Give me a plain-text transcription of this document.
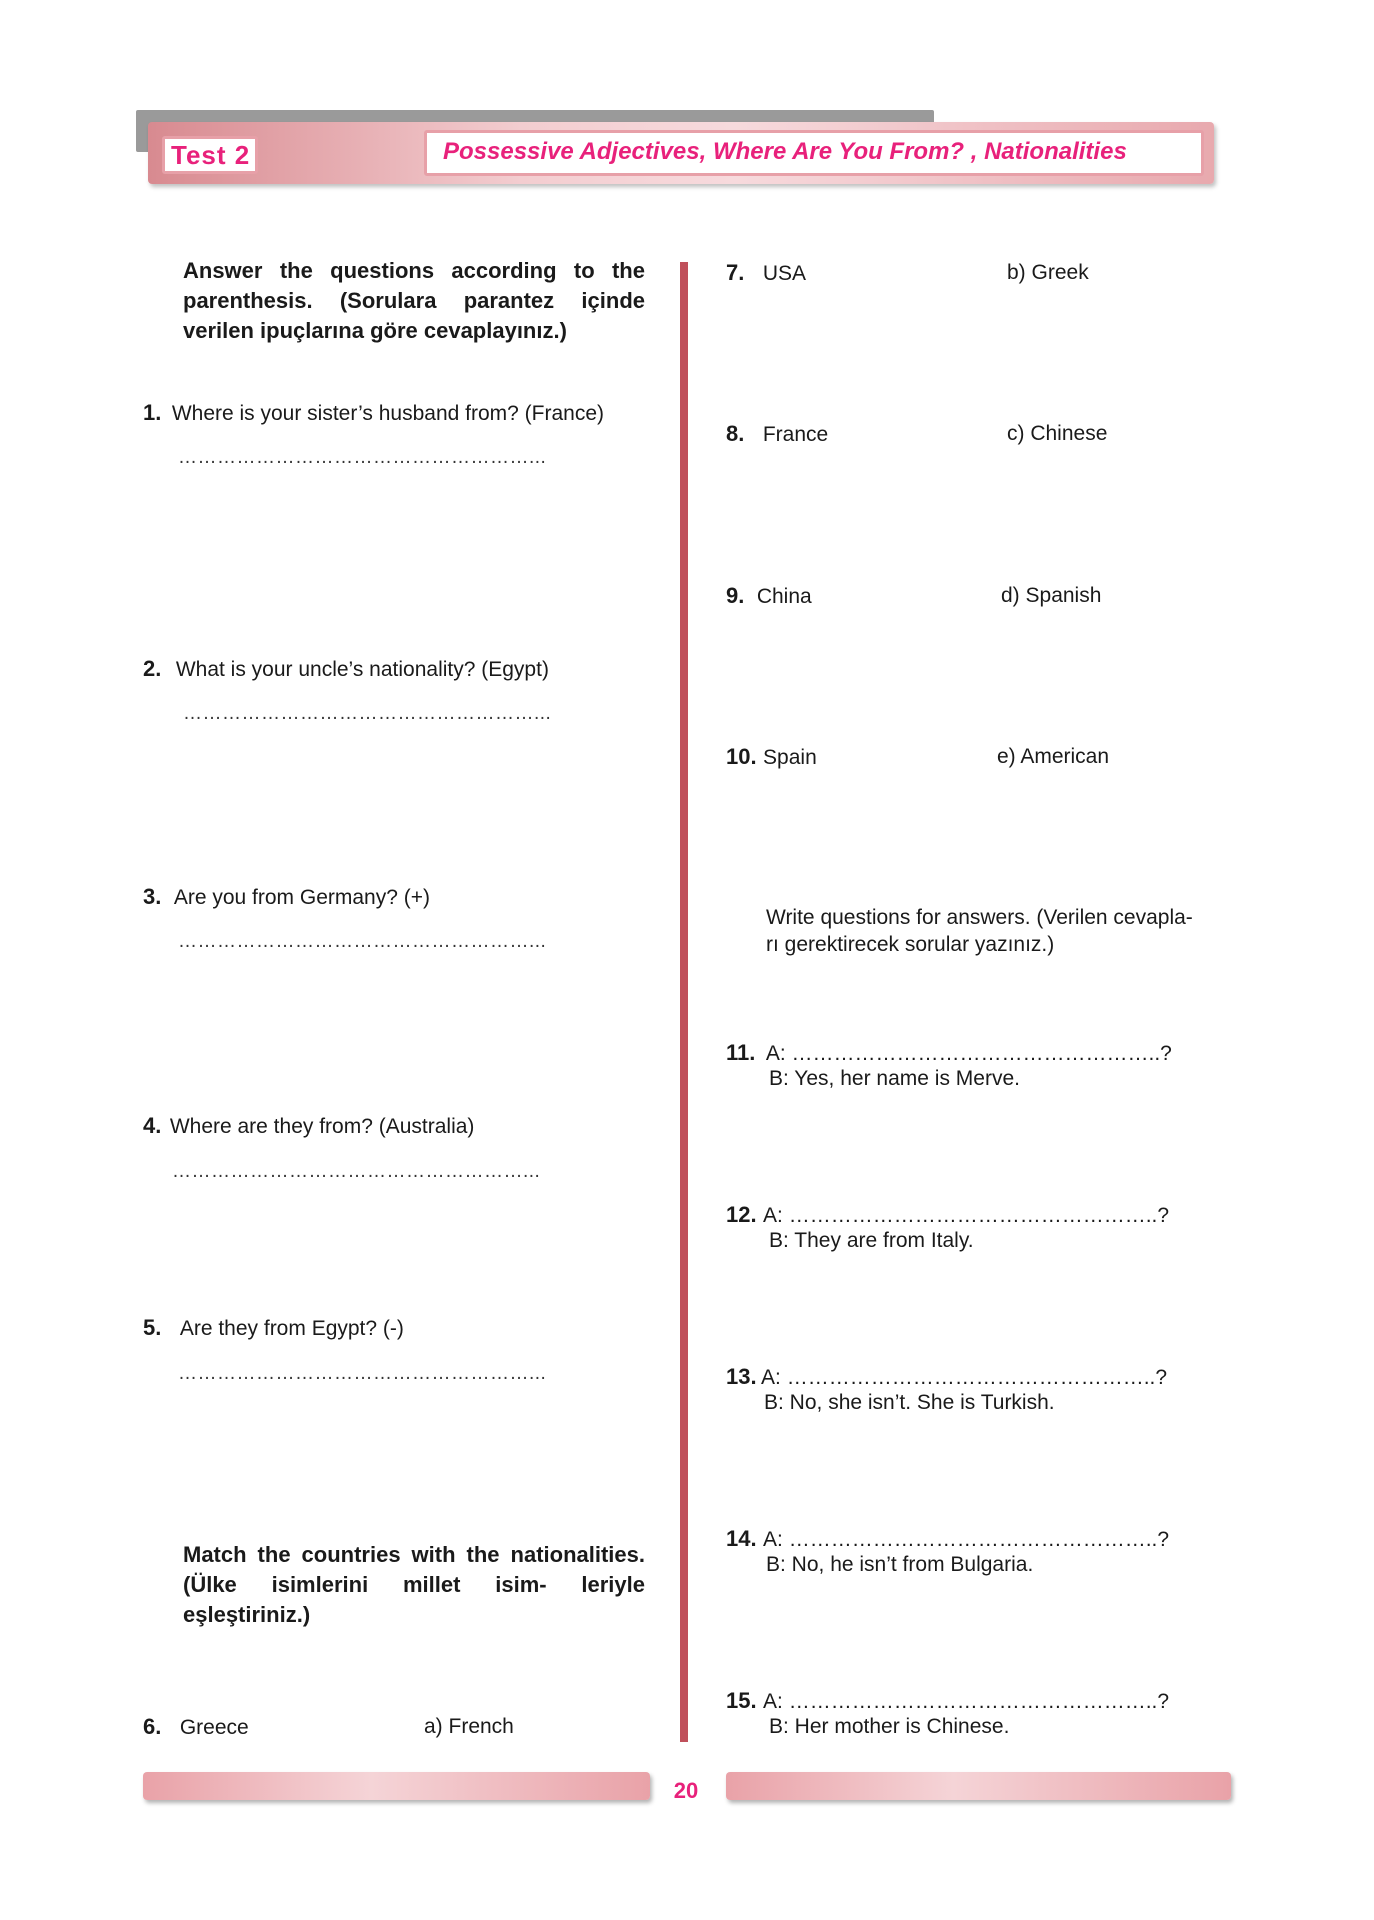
Test 2	Possessive Adjectives, Where Are You From? , Nationalities
Answer the questions according to the parenthesis. (Sorulara parantez içinde verilen ipuçlarına göre cevaplayınız.)
1. Where is your sister’s husband from? (France)
………………………………………………...
2. What is your uncle’s nationality? (Egypt)
………………………………………………...
3. Are you from Germany? (+)
………………………………………………...
4. Where are they from? (Australia)
………………………………………………...
5. Are they from Egypt? (-)
………………………………………………...
Match the countries with the nationalities. (Ülke isimlerini millet isim- leriyle eşleştiriniz.)
6. Greece	a) French
7. USA	b) Greek
8. France	c) Chinese
9. China	d) Spanish
10. Spain	e) American
Write questions for answers. (Verilen cevapla-
rı gerektirecek sorular yazınız.)
11. A: ……………………………………………..?
B: Yes, her name is Merve.
12. A: ……………………………………………..?
B: They are from Italy.
13. A: ……………………………………………..?
B: No, she isn’t. She is Turkish.
14. A: ……………………………………………..?
B: No, he isn’t from Bulgaria.
15. A: ……………………………………………..?
B: Her mother is Chinese.
20
